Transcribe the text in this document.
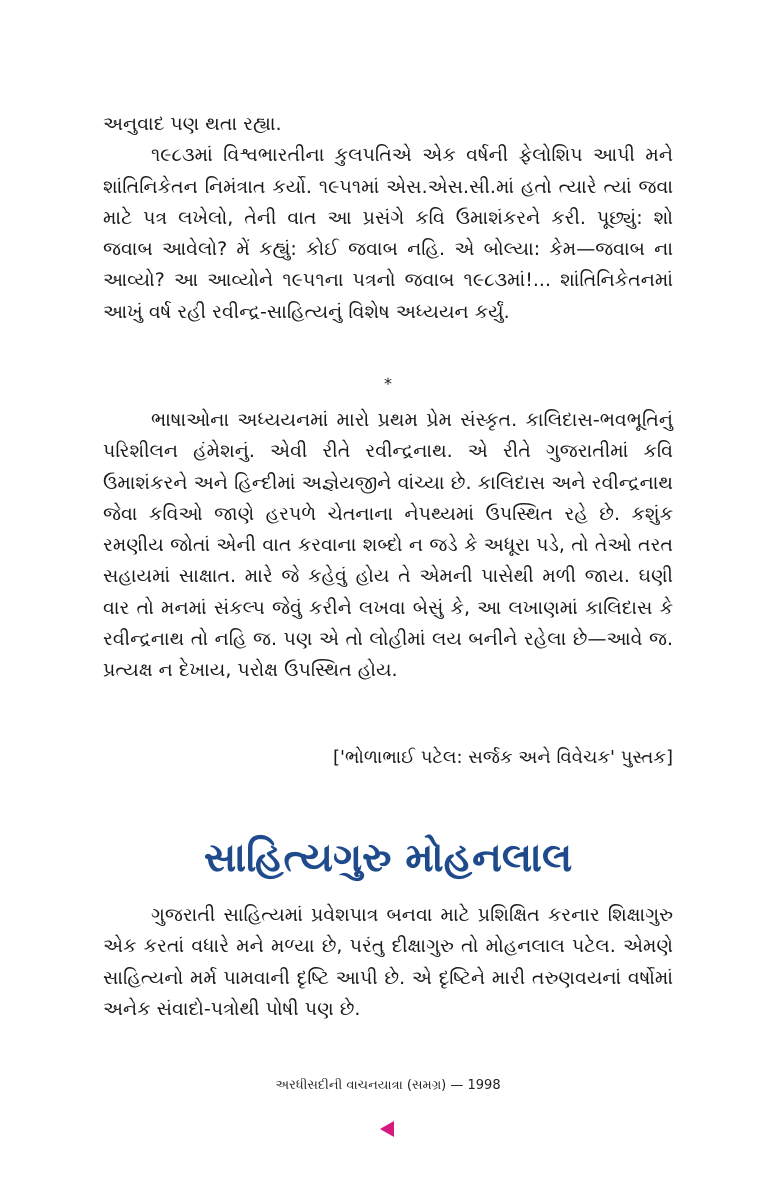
અનુવાદ પણ થતા રહ્યા.

૧૯૮૩માં વિશ્વભારતીના કુલપતિએ એક વર્ષની ફેલોશિપ આપી મને શાંતિનિકેતન નિમંત્રાત કર્યો. ૧૯૫૧માં એસ.એસ.સી.માં હતો ત્યારે ત્યાં જવા માટે પત્ર લખેલો, તેની વાત આ પ્રસંગે કવિ ઉમાશંકરને કરી. પૂછ્યું: શો જવાબ આવેલો? મેં કહ્યું: કોઈ જવાબ નહિ. એ બોલ્યા: કેમ—જવાબ ના આવ્યો? આ આવ્યોને ૧૯૫૧ના પત્રનો જવાબ ૧૯૮૩માં!... શાંતિનિકેતનમાં આખું વર્ષ રહી રવીન્દ્ર-સાહિત્યનું વિશેષ અધ્યયન કર્યું.

*

ભાષાઓના અધ્યયનમાં મારો પ્રથમ પ્રેમ સંસ્કૃત. કાલિદાસ-ભવભૂતિનું પરિશીલન હંમેશનું. એવી રીતે રવીન્દ્રનાથ. એ રીતે ગુજરાતીમાં કવિ ઉમાશંકરને અને હિન્દીમાં અજ્ઞેયજીને વાંચ્યા છે. કાલિદાસ અને રવીન્દ્રનાથ જેવા કવિઓ જાણે હરપળે ચેતનાના નેપથ્યમાં ઉપસ્થિત રહે છે. કશુંક રમણીય જોતાં એની વાત કરવાના શબ્દો ન જડે કે અધૂરા પડે, તો તેઓ તરત સહાયમાં સાક્ષાત. મારે જે કહેવું હોય તે એમની પાસેથી મળી જાય. ઘણી વાર તો મનમાં સંકલ્પ જેવું કરીને લખવા બેસું કે, આ લખાણમાં કાલિદાસ કે રવીન્દ્રનાથ તો નહિ જ. પણ એ તો લોહીમાં લય બનીને રહેલા છે—આવે જ. પ્રત્યક્ષ ન દેખાય, પરોક્ષ ઉપસ્થિત હોય.

['ભોળાભાઈ પટેલ: સર્જક અને વિવેચક' પુસ્તક]
સાહિત્યગુરુ મોહનલાલ

ગુજરાતી સાહિત્યમાં પ્રવેશપાત્ર બનવા માટે પ્રશિક્ષિત કરનાર શિક્ષાગુરુ એક કરતાં વધારે મને મળ્યા છે, પરંતુ દીક્ષાગુરુ તો મોહનલાલ પટેલ. એમણે સાહિત્યનો મર્મ પામવાની દૃષ્ટિ આપી છે. એ દૃષ્ટિને મારી તરુણવયનાં વર્ષોમાં અનેક સંવાદો-પત્રોથી પોષી પણ છે.

અરધીસદીની વાચનયાત્રા (સમગ્ર) — 1998
